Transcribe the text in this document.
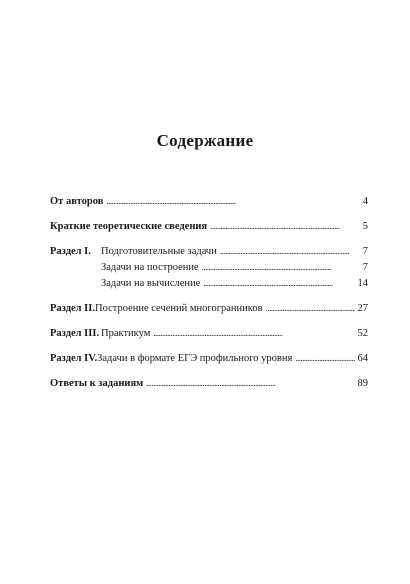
Содержание
От авторов . . .	4
Краткие теоретические сведения . . .	5
Раздел I. Подготовительные задачи . . .	7
Задачи на построение . . .	7
Задачи на вычисление . . .	14
Раздел II. Построение сечений многогранников . . .	27
Раздел III. Практикум . . .	52
Раздел IV. Задачи в формате ЕГЭ профильного уровня . . .	64
Ответы к заданиям . . .	89
